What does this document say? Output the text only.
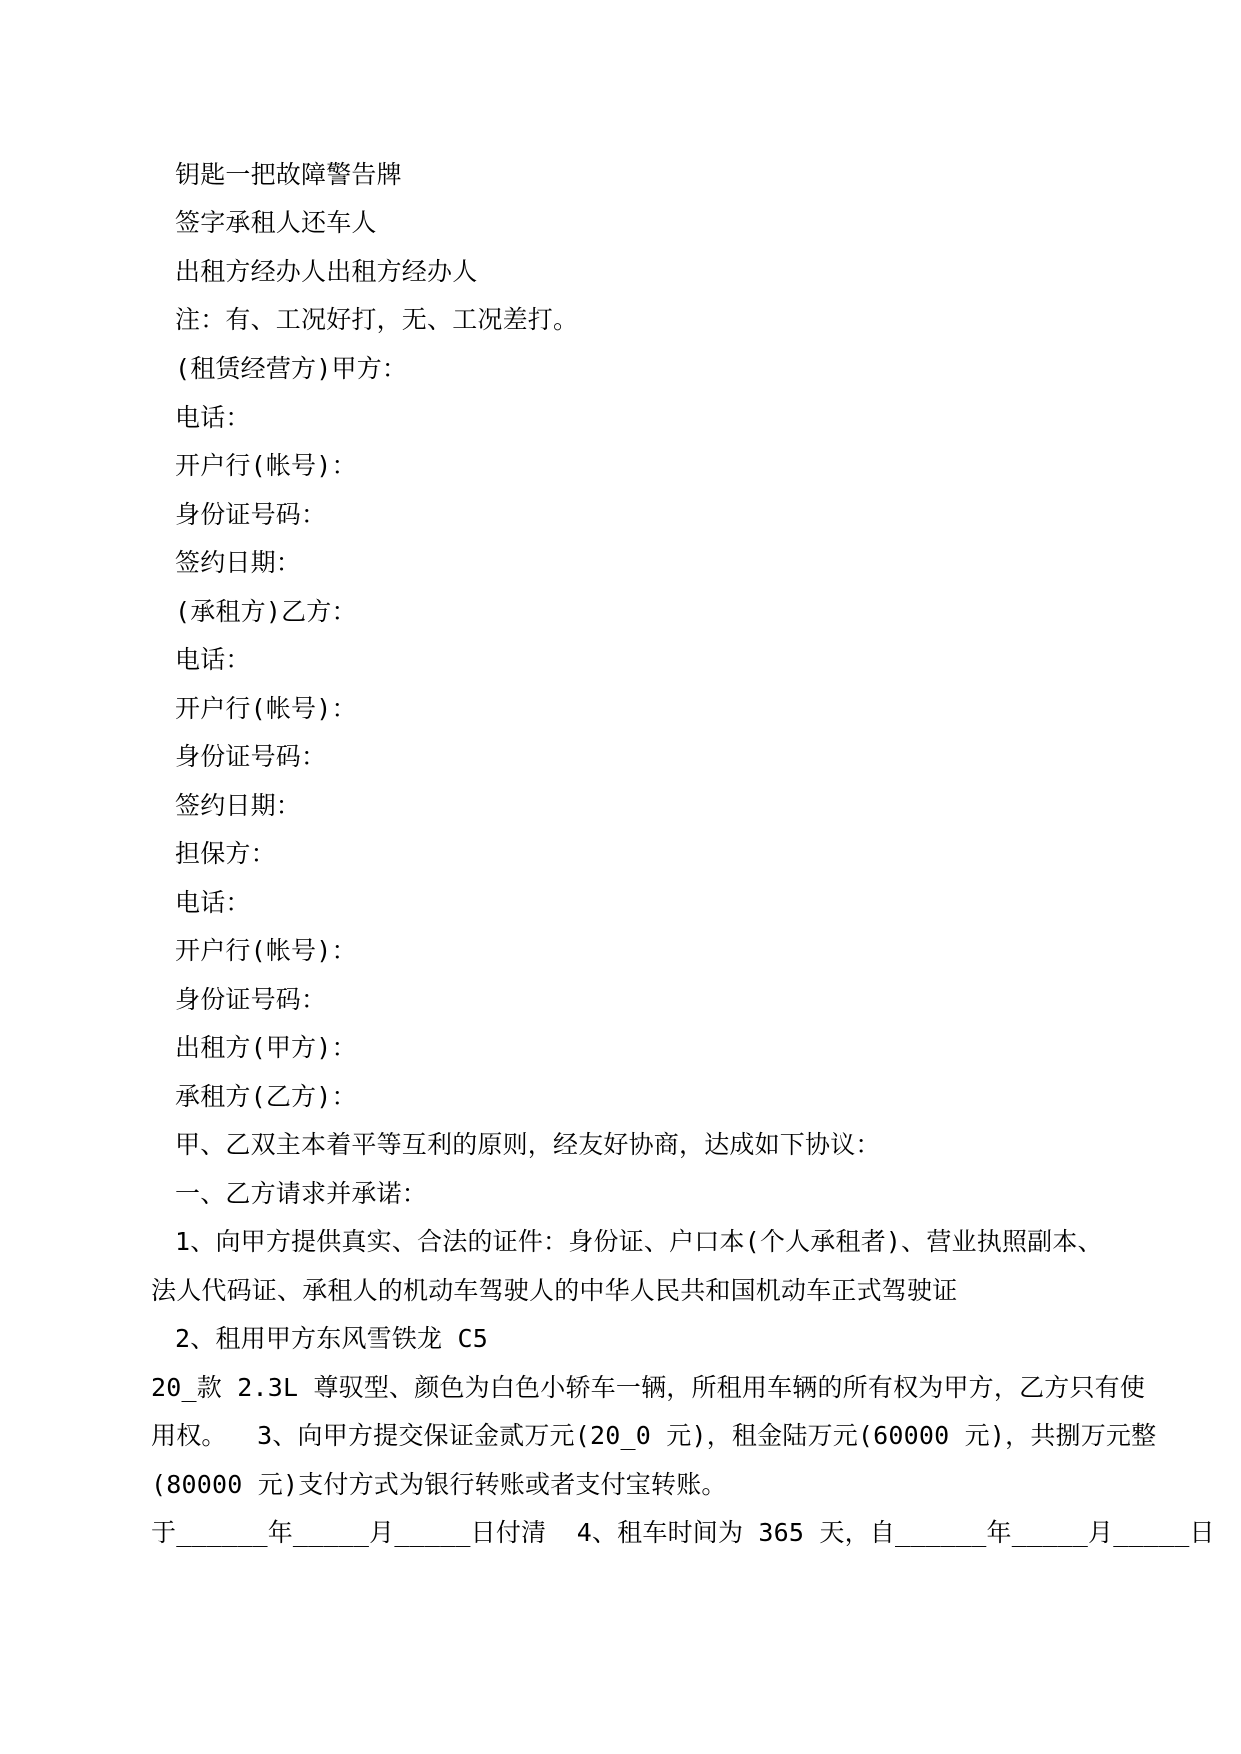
钥匙一把故障警告牌
签字承租人还车人
出租方经办人出租方经办人
注：有、工况好打，无、工况差打。
(租赁经营方)甲方：
电话：
开户行(帐号)：
身份证号码：
签约日期：
(承租方)乙方：
电话：
开户行(帐号)：
身份证号码：
签约日期：
担保方：
电话：
开户行(帐号)：
身份证号码：
出租方(甲方)：
承租方(乙方)：
甲、乙双主本着平等互利的原则，经友好协商，达成如下协议：
一、乙方请求并承诺：
1、向甲方提供真实、合法的证件：身份证、户口本(个人承租者)、营业执照副本、
法人代码证、承租人的机动车驾驶人的中华人民共和国机动车正式驾驶证
2、租用甲方东风雪铁龙 C5
20_款 2.3L 尊驭型、颜色为白色小轿车一辆，所租用车辆的所有权为甲方，乙方只有使
用权。  3、向甲方提交保证金贰万元(20_0 元)，租金陆万元(60000 元)，共捌万元整
(80000 元)支付方式为银行转账或者支付宝转账。
于______年_____月_____日付清  4、租车时间为 365 天，自______年_____月_____日
